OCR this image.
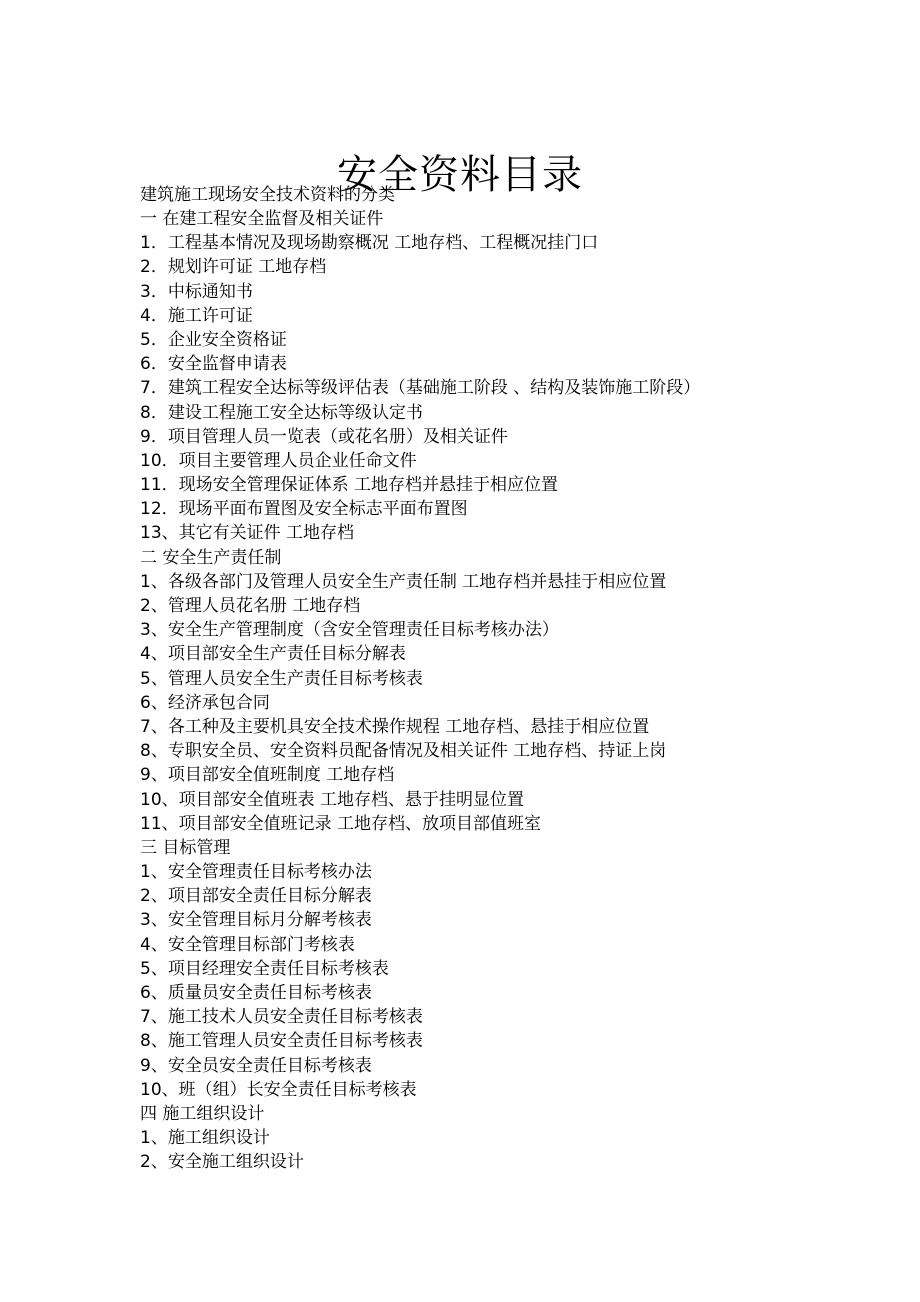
安全资料目录
建筑施工现场安全技术资料的分类
一 在建工程安全监督及相关证件
1．工程基本情况及现场勘察概况 工地存档、工程概况挂门口
2．规划许可证 工地存档
3．中标通知书
4．施工许可证
5．企业安全资格证
6．安全监督申请表
7．建筑工程安全达标等级评估表（基础施工阶段 、结构及装饰施工阶段）
8．建设工程施工安全达标等级认定书
9．项目管理人员一览表（或花名册）及相关证件
10．项目主要管理人员企业任命文件
11．现场安全管理保证体系 工地存档并悬挂于相应位置
12．现场平面布置图及安全标志平面布置图
13、其它有关证件 工地存档
二 安全生产责任制
1、各级各部门及管理人员安全生产责任制 工地存档并悬挂于相应位置
2、管理人员花名册 工地存档
3、安全生产管理制度（含安全管理责任目标考核办法）
4、项目部安全生产责任目标分解表
5、管理人员安全生产责任目标考核表
6、经济承包合同
7、各工种及主要机具安全技术操作规程 工地存档、悬挂于相应位置
8、专职安全员、安全资料员配备情况及相关证件 工地存档、持证上岗
9、项目部安全值班制度 工地存档
10、项目部安全值班表 工地存档、悬于挂明显位置
11、项目部安全值班记录 工地存档、放项目部值班室
三 目标管理
1、安全管理责任目标考核办法
2、项目部安全责任目标分解表
3、安全管理目标月分解考核表
4、安全管理目标部门考核表
5、项目经理安全责任目标考核表
6、质量员安全责任目标考核表
7、施工技术人员安全责任目标考核表
8、施工管理人员安全责任目标考核表
9、安全员安全责任目标考核表
10、班（组）长安全责任目标考核表
四 施工组织设计
1、施工组织设计
2、安全施工组织设计
